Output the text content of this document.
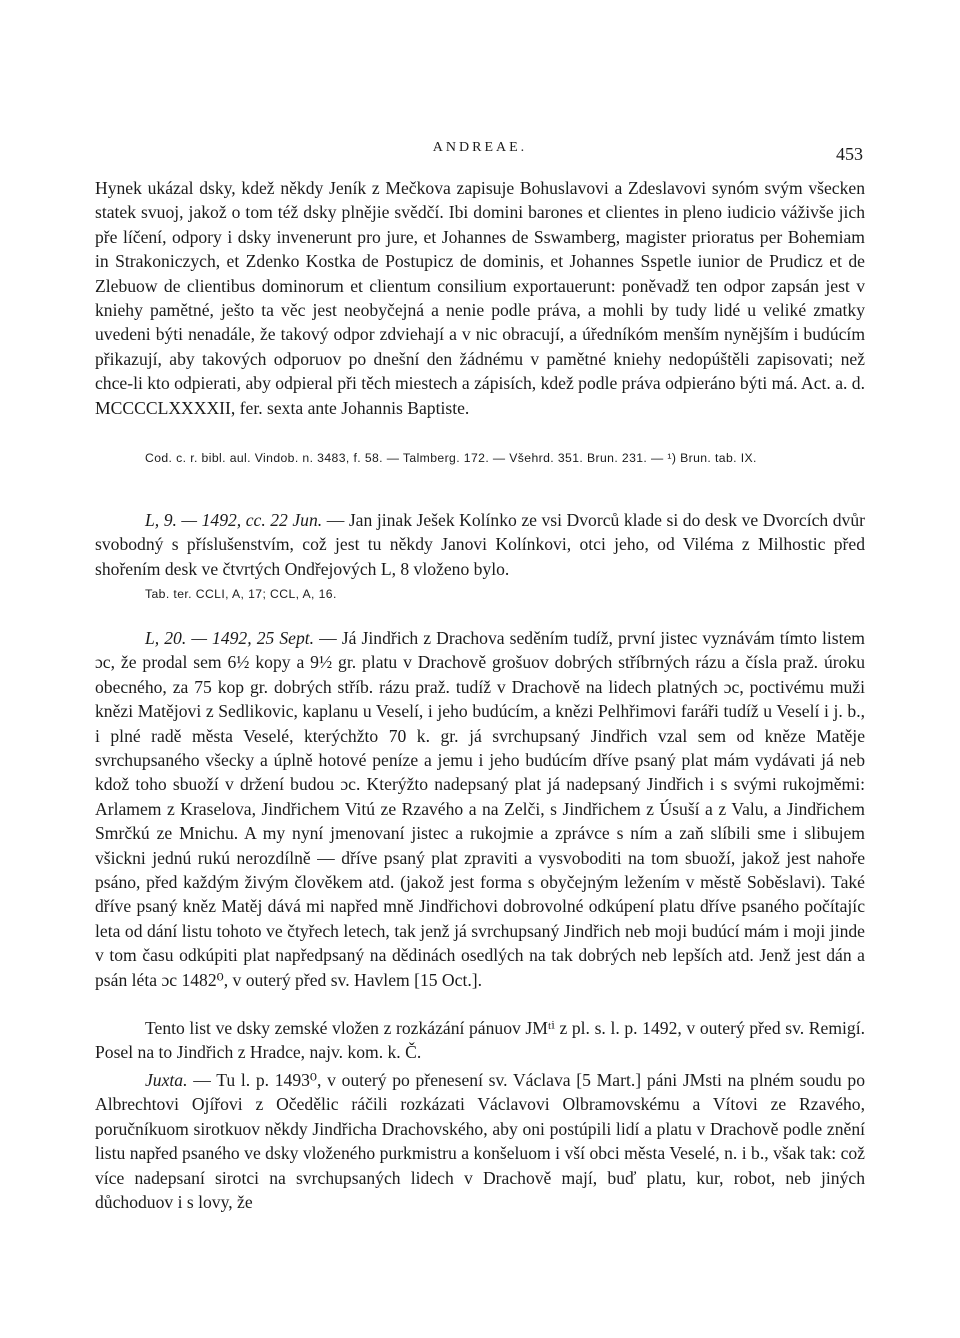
ANDREAE.	453

Hynek ukázal dsky, kdež někdy Jeník z Mečkova zapisuje Bohuslavovi a Zdeslavovi synóm svým všecken statek svuoj, jakož o tom též dsky plnějie svědčí. Ibi domini barones et clientes in pleno iudicio váživše jich pře líčení, odpory i dsky invenerunt pro jure, et Johannes de Sswamberg, magister prioratus per Bohemiam in Strakoniczych, et Zdenko Kostka de Postupicz de dominis, et Johannes Sspetle iunior de Prudicz et de Zlebuow de clientibus dominorum et clientum consilium exportauerunt: poněvadž ten odpor zapsán jest v kniehy pamětné, ješto ta věc jest neobyčejná a nenie podle práva, a mohli by tudy lidé u veliké zmatky uvedeni býti nenadále, že takový odpor zdviehají a v nic obracují, a úředníkóm menším nynějším i budúcím přikazují, aby takových odporuov po dnešní den žádnému v pamětné kniehy nedopúštěli zapisovati; než chce-li kto odpierati, aby odpieral při těch miestech a zápisích, kdež podle práva odpieráno býti má. Act. a. d. MCCCCLXXXXII, fer. sexta ante Johannis Baptiste.

Cod. c. r. bibl. aul. Vindob. n. 3483, f. 58. — Talmberg. 172. — Všehrd. 351. Brun. 231. — ¹) Brun. tab. IX.

L, 9. — 1492, cc. 22 Jun. — Jan jinak Ješek Kolínko ze vsi Dvorců klade si do desk ve Dvorcích dvůr svobodný s příslušenstvím, což jest tu někdy Janovi Kolínkovi, otci jeho, od Viléma z Milhostic před shořením desk ve čtvrtých Ondřejových L, 8 vloženo bylo.

Tab. ter. CCLI, A, 17; CCL, A, 16.

L, 20. — 1492, 25 Sept. — Já Jindřich z Drachova seděním tudíž, první jistec vyznávám tímto listem ɔc, že prodal sem 6½ kopy a 9½ gr. platu v Drachově grošuov dobrých stříbrných rázu a čísla praž. úroku obecného, za 75 kop gr. dobrých stříb. rázu praž. tudíž v Drachově na lidech platných ɔc, poctivému muži knězi Matějovi z Sedlikovic, kaplanu u Veselí, i jeho budúcím, a knězi Pelhřimovi faráři tudíž u Veselí i j. b., i plné radě města Veselé, kterýchžto 70 k. gr. já svrchupsaný Jindřich vzal sem od kněze Matěje svrchupsaného všecky a úplně hotové peníze a jemu i jeho budúcím dříve psaný plat mám vydávati já neb kdož toho sbuoží v držení budou ɔc. Kterýžto nadepsaný plat já nadepsaný Jindřich i s svými rukojměmi: Arlamem z Kraselova, Jindřichem Vitú ze Rzavého a na Zelči, s Jindřichem z Úsuší a z Valu, a Jindřichem Smrčkú ze Mnichu. A my nyní jmenovaní jistec a rukojmie a zprávce s ním a zaň slíbili sme i slibujem všickni jednú rukú nerozdílně — dříve psaný plat zpraviti a vysvoboditi na tom sbuoží, jakož jest nahoře psáno, před každým živým člověkem atd. (jakož jest forma s obyčejným ležením v městě Soběslavi). Také dříve psaný kněz Matěj dává mi napřed mně Jindřichovi dobrovolné odkúpení platu dříve psaného počítajíc leta od dání listu tohoto ve čtyřech letech, tak jenž já svrchupsaný Jindřich neb moji budúcí mám i moji jinde v tom času odkúpiti plat napředpsaný na dědinách osedlých na tak dobrých neb lepších atd. Jenž jest dán a psán léta ɔc 1482⁰, v outerý před sv. Havlem [15 Oct.].

Tento list ve dsky zemské vložen z rozkázání pánuov JMᵗⁱ z pl. s. l. p. 1492, v outerý před sv. Remigí. Posel na to Jindřich z Hradce, najv. kom. k. Č.

Juxta. — Tu l. p. 1493⁰, v outerý po přenesení sv. Václava [5 Mart.] páni JMsti na plném soudu po Albrechtovi Ojířovi z Očedělic ráčili rozkázati Václavovi Olbramovskému a Vítovi ze Rzavého, poručníkuom sirotkuov někdy Jindřicha Drachovského, aby oni postúpili lidí a platu v Drachově podle znění listu napřed psaného ve dsky vloženého purkmistru a konšeluom i vší obci města Veselé, n. i b., však tak: což více nadepsaní sirotci na svrchupsaných lidech v Drachově mají, buď platu, kur, robot, neb jiných důchoduov i s lovy, že
